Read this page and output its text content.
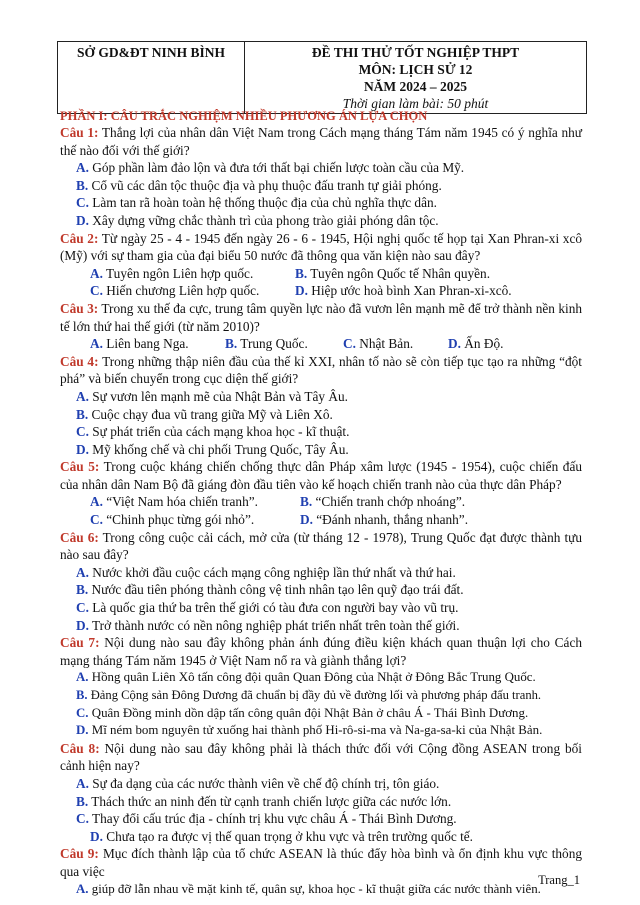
SỞ GD&ĐT NINH BÌNH	ĐỀ THI THỬ TỐT NGHIỆP THPT
MÔN: LỊCH SỬ 12
NĂM 2024 – 2025
Thời gian làm bài: 50 phút
PHẦN I: CÂU TRẮC NGHIỆM NHIỀU PHƯƠNG ÁN LỰA CHỌN

Câu 1: Thắng lợi của nhân dân Việt Nam trong Cách mạng tháng Tám năm 1945 có ý nghĩa như thế nào đối với thế giới?

A. Góp phần làm đảo lộn và đưa tới thất bại chiến lược toàn cầu của Mỹ.

B. Cổ vũ các dân tộc thuộc địa và phụ thuộc đấu tranh tự giải phóng.

C. Làm tan rã hoàn toàn hệ thống thuộc địa của chủ nghĩa thực dân.

D. Xây dựng vững chắc thành trì của phong trào giải phóng dân tộc.

Câu 2: Từ ngày 25 - 4 - 1945 đến ngày 26 - 6 - 1945, Hội nghị quốc tế họp tại Xan Phran-xi xcô (Mỹ) với sự tham gia của đại biểu 50 nước đã thông qua văn kiện nào sau đây?

A. Tuyên ngôn Liên hợp quốc.	B. Tuyên ngôn Quốc tế Nhân quyền.

C. Hiến chương Liên hợp quốc.	D. Hiệp ước hoà bình Xan Phran-xi-xcô.

Câu 3: Trong xu thế đa cực, trung tâm quyền lực nào đã vươn lên mạnh mẽ để trở thành nền kinh tế lớn thứ hai thế giới (từ năm 2010)?

A. Liên bang Nga.	B. Trung Quốc.	C. Nhật Bản.	D. Ấn Độ.

Câu 4: Trong những thập niên đầu của thế kỉ XXI, nhân tố nào sẽ còn tiếp tục tạo ra những “đột phá” và biến chuyển trong cục diện thế giới?

A. Sự vươn lên mạnh mẽ của Nhật Bản và Tây Âu.

B. Cuộc chạy đua vũ trang giữa Mỹ và Liên Xô.

C. Sự phát triển của cách mạng khoa học - kĩ thuật.

D. Mỹ khống chế và chi phối Trung Quốc, Tây Âu.

Câu 5: Trong cuộc kháng chiến chống thực dân Pháp xâm lược (1945 - 1954), cuộc chiến đấu của nhân dân Nam Bộ đã giáng đòn đầu tiên vào kế hoạch chiến tranh nào của thực dân Pháp?

A. “Việt Nam hóa chiến tranh”.	B. “Chiến tranh chớp nhoáng”.

C. “Chinh phục từng gói nhỏ”.	D. “Đánh nhanh, thắng nhanh”.

Câu 6: Trong công cuộc cải cách, mở cửa (từ tháng 12 - 1978), Trung Quốc đạt được thành tựu nào sau đây?

A. Nước khởi đầu cuộc cách mạng công nghiệp lần thứ nhất và thứ hai.

B. Nước đầu tiên phóng thành công vệ tinh nhân tạo lên quỹ đạo trái đất.

C. Là quốc gia thứ ba trên thế giới có tàu đưa con người bay vào vũ trụ.

D. Trở thành nước có nền nông nghiệp phát triển nhất trên toàn thế giới.

Câu 7: Nội dung nào sau đây không phản ánh đúng điều kiện khách quan thuận lợi cho Cách mạng tháng Tám năm 1945 ở Việt Nam nổ ra và giành thắng lợi?

A. Hồng quân Liên Xô tấn công đội quân Quan Đông của Nhật ở Đông Bắc Trung Quốc.

B. Đảng Cộng sản Đông Dương đã chuẩn bị đầy đủ về đường lối và phương pháp đấu tranh.

C. Quân Đồng minh dồn dập tấn công quân đội Nhật Bản ở châu Á - Thái Bình Dương.

D. Mĩ ném bom nguyên tử xuống hai thành phố Hi-rô-si-ma và Na-ga-sa-ki của Nhật Bản.

Câu 8: Nội dung nào sau đây không phải là thách thức đối với Cộng đồng ASEAN trong bối cảnh hiện nay?

A. Sự đa dạng của các nước thành viên về chế độ chính trị, tôn giáo.

B. Thách thức an ninh đến từ cạnh tranh chiến lược giữa các nước lớn.

C. Thay đổi cấu trúc địa - chính trị khu vực châu Á - Thái Bình Dương.

D. Chưa tạo ra được vị thế quan trọng ở khu vực và trên trường quốc tế.

Câu 9: Mục đích thành lập của tổ chức ASEAN là thúc đẩy hòa bình và ổn định khu vực thông qua việc

A. giúp đỡ lẫn nhau về mặt kinh tế, quân sự, khoa học - kĩ thuật giữa các nước thành viên.

Trang_1
